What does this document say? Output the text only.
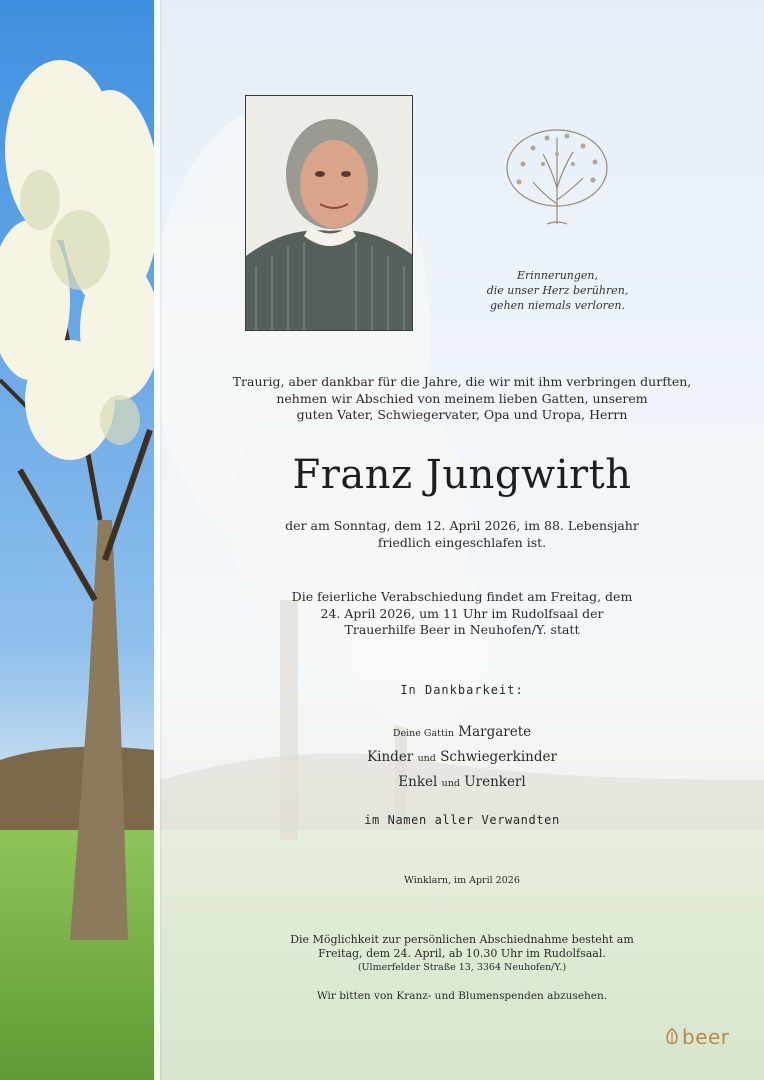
Erinnerungen,
die unser Herz berühren,
gehen niemals verloren.
Traurig, aber dankbar für die Jahre, die wir mit ihm verbringen durften,
nehmen wir Abschied von meinem lieben Gatten, unserem
guten Vater, Schwiegervater, Opa und Uropa, Herrn
Franz Jungwirth
der am Sonntag, dem 12. April 2026, im 88. Lebensjahr
friedlich eingeschlafen ist.
Die feierliche Verabschiedung findet am Freitag, dem
24. April 2026, um 11 Uhr im Rudolfsaal der
Trauerhilfe Beer in Neuhofen/Y. statt
In Dankbarkeit:
Deine Gattin Margarete
Kinder und Schwiegerkinder
Enkel und Urenkerl
im Namen aller Verwandten
Winklarn, im April 2026
Die Möglichkeit zur persönlichen Abschiednahme besteht am
Freitag, dem 24. April, ab 10.30 Uhr im Rudolfsaal.
(Ulmerfelder Straße 13, 3364 Neuhofen/Y.)
Wir bitten von Kranz- und Blumenspenden abzusehen.
beer
